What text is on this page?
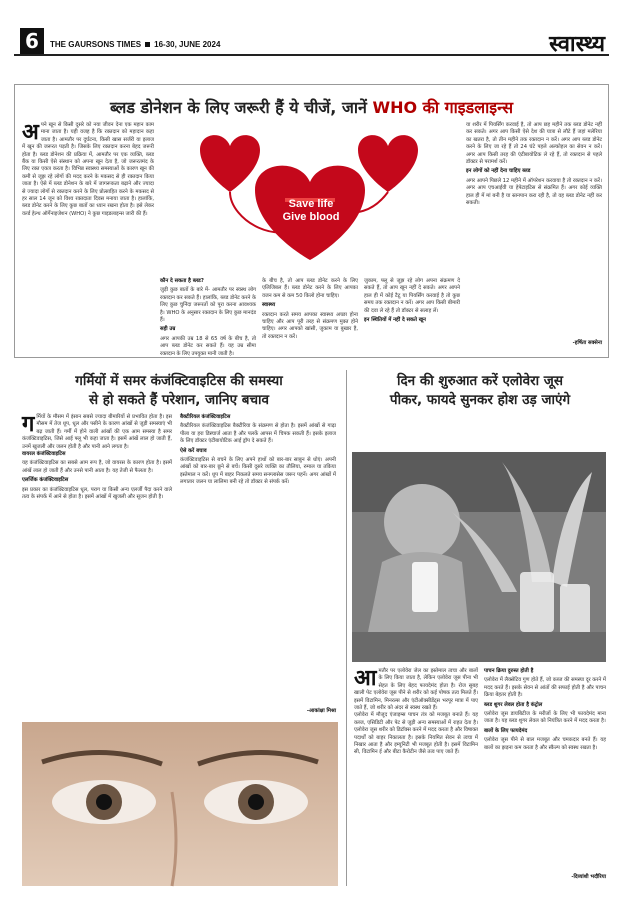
6	THE GAURSONS TIMES 16-30, JUNE 2024	स्वास्थ्य
ब्लड डोनेशन के लिए जरूरी हैं ये चीजें, जानें WHO की गाइडलाइन्स
Save life
Give blood
अपने खून से किसी दूसरे को नया जीवन देना एक महान काम माना जाता है। यही वजह है कि रक्तदान को महादान कहा जाता है। आमतौर पर दुर्घटना, किसी खास सर्जरी या इलाज में खून की जरूरत पड़ती है। जिसके लिए रक्तदान करना बेहद जरूरी होता है। ब्लड डोनेशन की प्रक्रिया में, आमतौर पर एक व्यक्ति, ब्लड बैंक या किसी ऐसे संस्थान को अपना खून देता है, जो जरूरतमंद के लिए रक्त एकत्र करता है। विभिन्न स्वास्थ्य समस्याओं के कारण खून की कमी से जूझ रहे लोगों की मदद करने के मकसद से ही रक्तदान किया जाता है। ऐसे में ब्लड डोनेशन के बारे में जागरूकता बढ़ाने और ज्यादा से ज्यादा लोगों से रक्तदान करने के लिए प्रोत्साहित करने के मकसद से हर साल 14 जून को विश्व रक्तदाता दिवस मनाया जाता है। हालांकि, ब्लड डोनेट करने के लिए कुछ बातों का ध्यान रखना होता है। इसे लेकर वर्ल्ड हेल्थ ऑर्गेनाइजेशन (WHO) ने कुछ गाइडलाइन्स जारी की हैं।

कौन दे सकता है ब्लड?

जुड़ी कुछ बातों के बारे में- आमतौर पर स्वस्थ लोग रक्तदान कर सकते हैं। हालांकि, ब्लड डोनेट करने के लिए कुछ चुनिंदा जरूरतों को पूरा करना आवश्यक है। WHO के अनुसार रक्तदान के लिए कुछ मानदंड हैं।

सही उम्र

अगर आपकी उम्र 18 से 65 वर्ष के बीच है, तो आप ब्लड डोनेट कर सकते हैं। यह उम्र सीमा रक्तदान के लिए उपयुक्त मानी जाती है।

के बीच है, तो आप ब्लड डोनेट करने के लिए एलिजिबल हैं। ब्लड डोनेट करने के लिए आपका वजन कम से कम 50 किलो होना चाहिए।

स्वास्थ्य

रक्तदान करते समय आपका स्वास्थ्य अच्छा होना चाहिए और आप पूरी तरह से संक्रमण मुक्त होने चाहिए। अगर आपको खांसी, जुकाम या बुखार है, तो रक्तदान न करें।

जुकाम, फ्लू से जूझ रहे लोग अपना संक्रमण दे सकते हैं, तो आप खून नहीं दे सकते। अगर आपने हाल ही में कोई टैटू या पियर्सिंग करवाई है तो कुछ समय तक रक्तदान न करें। अगर आप किसी बीमारी की दवा ले रहे हैं तो डॉक्टर से सलाह लें।

इन स्थितियों में नहीं दे सकते खून

या शरीर में पियर्सिंग करवाई है, तो आप छह महीने तक ब्लड डोनेट नहीं कर सकते। अगर आप किसी ऐसे देश की यात्रा से लौटे हैं जहां मलेरिया का खतरा है, तो तीन महीने तक रक्तदान न करें। अगर आप ब्लड डोनेट करने के लिए जा रहे हैं तो 24 घंटे पहले अल्कोहल का सेवन न करें। अगर आप किसी तरह की एंटीबायोटिक ले रहे हैं, तो रक्तदान से पहले डॉक्टर से परामर्श करें।

इन लोगों को नहीं देना चाहिए ब्लड

अगर आपने पिछले 12 महीने में ऑपरेशन करवाया है तो रक्तदान न करें। अगर आप एचआईवी या हेपेटाइटिस से संक्रमित हैं। अगर कोई व्यक्ति हाल ही में मां बनी है या स्तनपान करा रही है, तो वह ब्लड डोनेट नहीं कर सकती।

-हर्षिता सक्सेना
गर्मियों में समर कंजंक्टिवाइटिस की समस्या
से हो सकते हैं परेशान, जानिए बचाव
गर्मियों के मौसम में इंसान सबसे ज्यादा बीमारियों से प्रभावित होता है। इस मौसम में तेज धूप, धूल और पसीने के कारण आंखों से जुड़ी समस्याएं भी बढ़ जाती हैं। गर्मी में होने वाली आंखों की एक आम समस्या है समर कंजंक्टिवाइटिस, जिसे आई फ्लू भी कहा जाता है। इसमें आंखें लाल हो जाती हैं, उनमें खुजली और जलन होती है और पानी आने लगता है।

वायरल कंजंक्टिवाइटिस

यह कंजंक्टिवाइटिस का सबसे आम रूप है, जो वायरस के कारण होता है। इसमें आंखें लाल हो जाती हैं और उनसे पानी आता है। यह तेजी से फैलता है।

एलर्जिक कंजंक्टिवाइटिस

इस प्रकार का कंजंक्टिवाइटिस धूल, पराग या किसी अन्य एलर्जी पैदा करने वाले तत्व के संपर्क में आने से होता है। इसमें आंखों में खुजली और सूजन होती है।

बैक्टीरियल कंजंक्टिवाइटिस

बैक्टीरियल कंजंक्टिवाइटिस बैक्टीरिया के संक्रमण से होता है। इसमें आंखों से गाढ़ा पीला या हरा डिस्चार्ज आता है और पलकें आपस में चिपक सकती हैं। इसके इलाज के लिए डॉक्टर एंटीबायोटिक आई ड्रॉप दे सकते हैं।

ऐसे करें बचाव

कंजंक्टिवाइटिस से बचने के लिए अपने हाथों को बार-बार साबुन से धोएं। अपनी आंखों को बार-बार छूने से बचें। किसी दूसरे व्यक्ति का तौलिया, रुमाल या तकिया इस्तेमाल न करें। धूप में बाहर निकलते समय सनग्लासेस जरूर पहनें। अगर आंखों में लगातार जलन या लालिमा बनी रहे तो डॉक्टर से संपर्क करें।

-आकांक्षा मिश्रा
दिन की शुरुआत करें एलोवेरा जूस
पीकर, फायदे सुनकर होश उड़ जाएंगे
आमतौर पर एलोवेरा जेल का इस्तेमाल त्वचा और बालों के लिए किया जाता है, लेकिन एलोवेरा जूस पीना भी सेहत के लिए बेहद फायदेमंद होता है। रोज सुबह खाली पेट एलोवेरा जूस पीने से शरीर को कई पोषक तत्व मिलते हैं। इसमें विटामिन, मिनरल्स और एंटीऑक्सीडेंट्स भरपूर मात्रा में पाए जाते हैं, जो शरीर को अंदर से स्वस्थ रखते हैं।

एलोवेरा में मौजूद एंजाइम्स पाचन तंत्र को मजबूत बनाते हैं। यह कब्ज, एसिडिटी और पेट से जुड़ी अन्य समस्याओं में राहत देता है। एलोवेरा जूस शरीर को डिटॉक्स करने में मदद करता है और विषाक्त पदार्थों को बाहर निकालता है। इसके नियमित सेवन से त्वचा में निखार आता है और इम्यूनिटी भी मजबूत होती है। इसमें विटामिन सी, विटामिन ई और बीटा कैरोटीन जैसे तत्व पाए जाते हैं।

पाचन क्रिया दुरुस्त होती है

एलोवेरा में लैक्सेटिव गुण होते हैं, जो कब्ज की समस्या दूर करने में मदद करते हैं। इसके सेवन से आंतों की सफाई होती है और पाचन क्रिया बेहतर होती है।

ब्लड शुगर लेवल होता है कंट्रोल

एलोवेरा जूस डायबिटीज के मरीजों के लिए भी फायदेमंद माना जाता है। यह ब्लड शुगर लेवल को नियंत्रित करने में मदद करता है।

बालों के लिए फायदेमंद

एलोवेरा जूस पीने से बाल मजबूत और चमकदार बनते हैं। यह बालों का झड़ना कम करता है और स्कैल्प को स्वस्थ रखता है।

-दिव्यांशी भदौरिया
